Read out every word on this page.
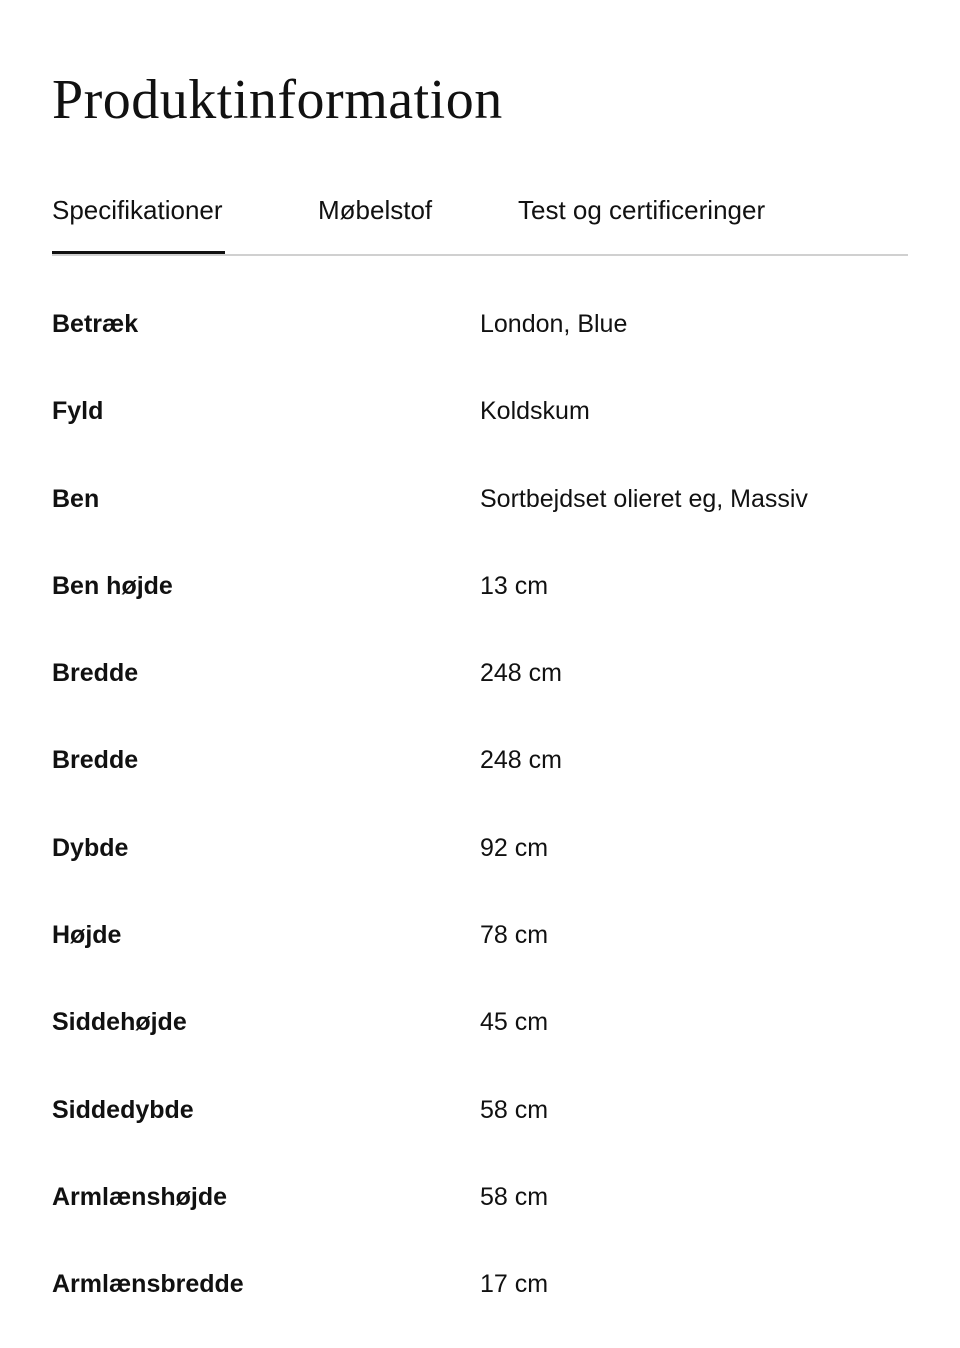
Produktinformation
Specifikationer	Møbelstof	Test og certificeringer
Betræk	London, Blue
Fyld	Koldskum
Ben	Sortbejdset olieret eg, Massiv
Ben højde	13 cm
Bredde	248 cm
Bredde	248 cm
Dybde	92 cm
Højde	78 cm
Siddehøjde	45 cm
Siddedybde	58 cm
Armlænshøjde	58 cm
Armlænsbredde	17 cm
